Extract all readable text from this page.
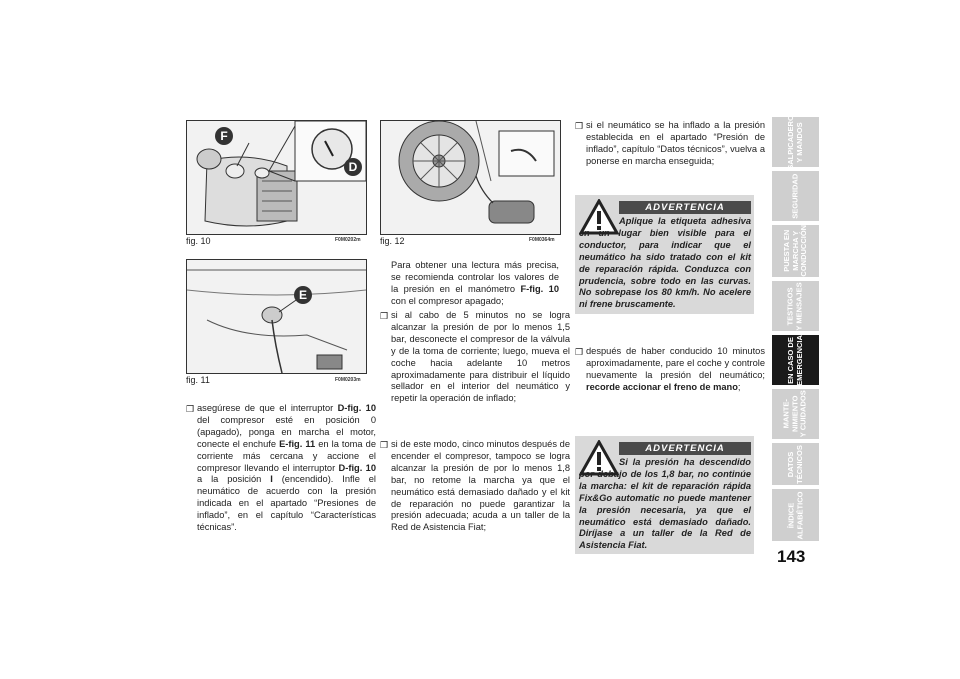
F
D
fig. 10	F0M0202m
E
fig. 11	F0M0203m
fig. 12	F0M0364m
❒ asegúrese de que el interruptor D-fig. 10 del compresor esté en posición 0 (apagado), ponga en marcha el motor, conecte el enchufe E-fig. 11 en la toma de corriente más cercana y accione el compresor llevando el interruptor D-fig. 10 a la posición I (encendido). Infle el neumático de acuerdo con la presión indicada en el apartado “Presiones de inflado”, en el capítulo “Características técnicas”.
Para obtener una lectura más precisa, se recomienda controlar los valores de la presión en el manómetro F-fig. 10 con el compresor apagado;
❒ si al cabo de 5 minutos no se logra alcanzar la presión de por lo menos 1,5 bar, desconecte el compresor de la válvula y de la toma de corriente; luego, mueva el coche hacia adelante 10 metros aproximadamente para distribuir el líquido sellador en el interior del neumático y repetir la operación de inflado;
❒ si de este modo, cinco minutos después de encender el compresor, tampoco se logra alcanzar la presión de por lo menos 1,8 bar, no retome la marcha ya que el neumático está demasiado dañado y el kit de reparación no puede garantizar la presión adecuada; acuda a un taller de la Red de Asistencia Fiat;
❒ si el neumático se ha inflado a la presión establecida en el apartado “Presión de inflado”, capítulo “Datos técnicos”, vuelva a ponerse en marcha enseguida;
ADVERTENCIA
Aplique la etiqueta adhesiva en un lugar bien visible para el conductor, para indicar que el neumático ha sido tratado con el kit de reparación rápida. Conduzca con prudencia, sobre todo en las curvas. No sobrepase los 80 km/h. No acelere ni frene bruscamente.
❒ después de haber conducido 10 minutos aproximadamente, pare el coche y controle nuevamente la presión del neumático; recorde accionar el freno de mano;
ADVERTENCIA
Si la presión ha descendido por debajo de los 1,8 bar, no continúe la marcha: el kit de reparación rápida Fix&Go automatic no puede mantener la presión necesaria, ya que el neumático está demasiado dañado. Diríjase a un taller de la Red de Asistencia Fiat.
SALPICADERO
Y MANDOS
SEGURIDAD
PUESTA EN
MARCHA Y
CONDUCCIÓN
TESTIGOS
Y MENSAJES
EN CASO DE
EMERGENCIA
MANTE-
NIMIENTO
Y CUIDADOS
DATOS
TÉCNICOS
ÍNDICE
ALFABÉTICO
143
